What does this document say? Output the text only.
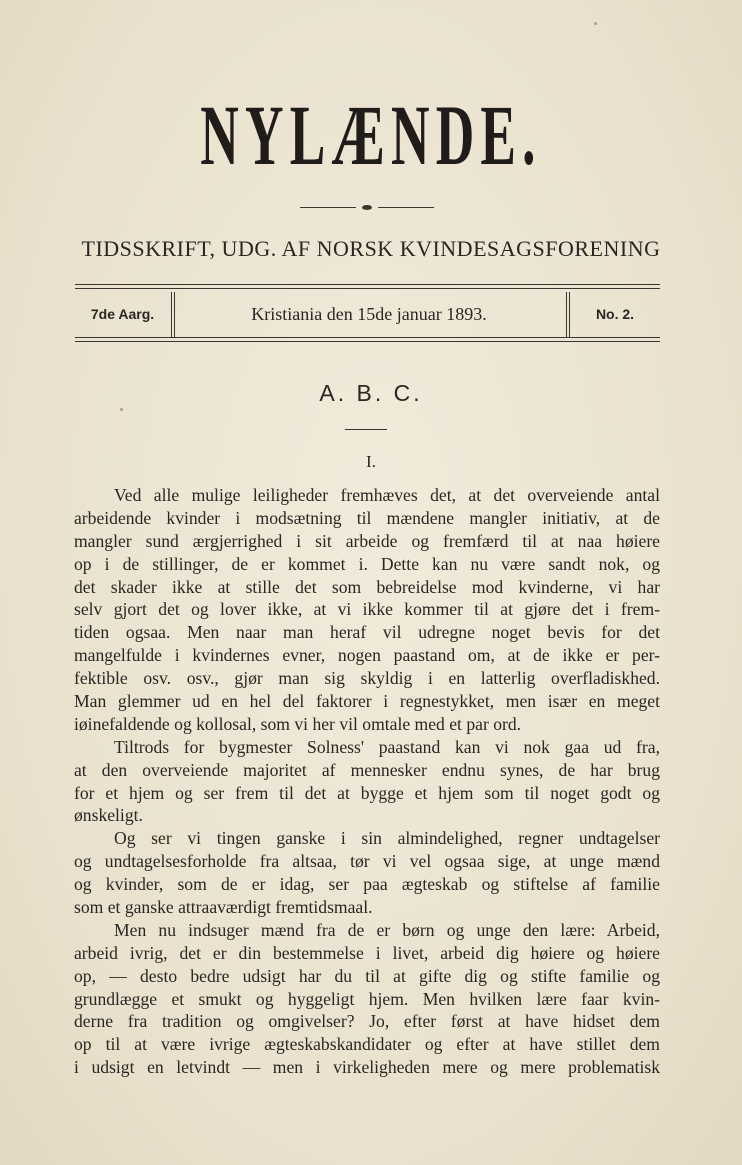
NYLÆNDE.
TIDSSKRIFT, UDG. AF NORSK KVINDESAGSFORENING
7de Aarg.	Kristiania den 15de januar 1893.	No. 2.
A. B. C.
I.
Ved alle mulige leiligheder fremhæves det, at det overveiende antal
arbeidende kvinder i modsætning til mændene mangler initiativ, at de
mangler sund ærgjerrighed i sit arbeide og fremfærd til at naa høiere
op i de stillinger, de er kommet i. Dette kan nu være sandt nok, og
det skader ikke at stille det som bebreidelse mod kvinderne, vi har
selv gjort det og lover ikke, at vi ikke kommer til at gjøre det i frem-
tiden ogsaa. Men naar man heraf vil udregne noget bevis for det
mangelfulde i kvindernes evner, nogen paastand om, at de ikke er per-
fektible osv. osv., gjør man sig skyldig i en latterlig overfladiskhed.
Man glemmer ud en hel del faktorer i regnestykket, men især en meget
iøinefaldende og kollosal, som vi her vil omtale med et par ord.
Tiltrods for bygmester Solness' paastand kan vi nok gaa ud fra,
at den overveiende majoritet af mennesker endnu synes, de har brug
for et hjem og ser frem til det at bygge et hjem som til noget godt og
ønskeligt.
Og ser vi tingen ganske i sin almindelighed, regner undtagelser
og undtagelsesforholde fra altsaa, tør vi vel ogsaa sige, at unge mænd
og kvinder, som de er idag, ser paa ægteskab og stiftelse af familie
som et ganske attraaværdigt fremtidsmaal.
Men nu indsuger mænd fra de er børn og unge den lære: Arbeid,
arbeid ivrig, det er din bestemmelse i livet, arbeid dig høiere og høiere
op, — desto bedre udsigt har du til at gifte dig og stifte familie og
grundlægge et smukt og hyggeligt hjem. Men hvilken lære faar kvin-
derne fra tradition og omgivelser? Jo, efter først at have hidset dem
op til at være ivrige ægteskabskandidater og efter at have stillet dem
i udsigt en letvindt — men i virkeligheden mere og mere problematisk
